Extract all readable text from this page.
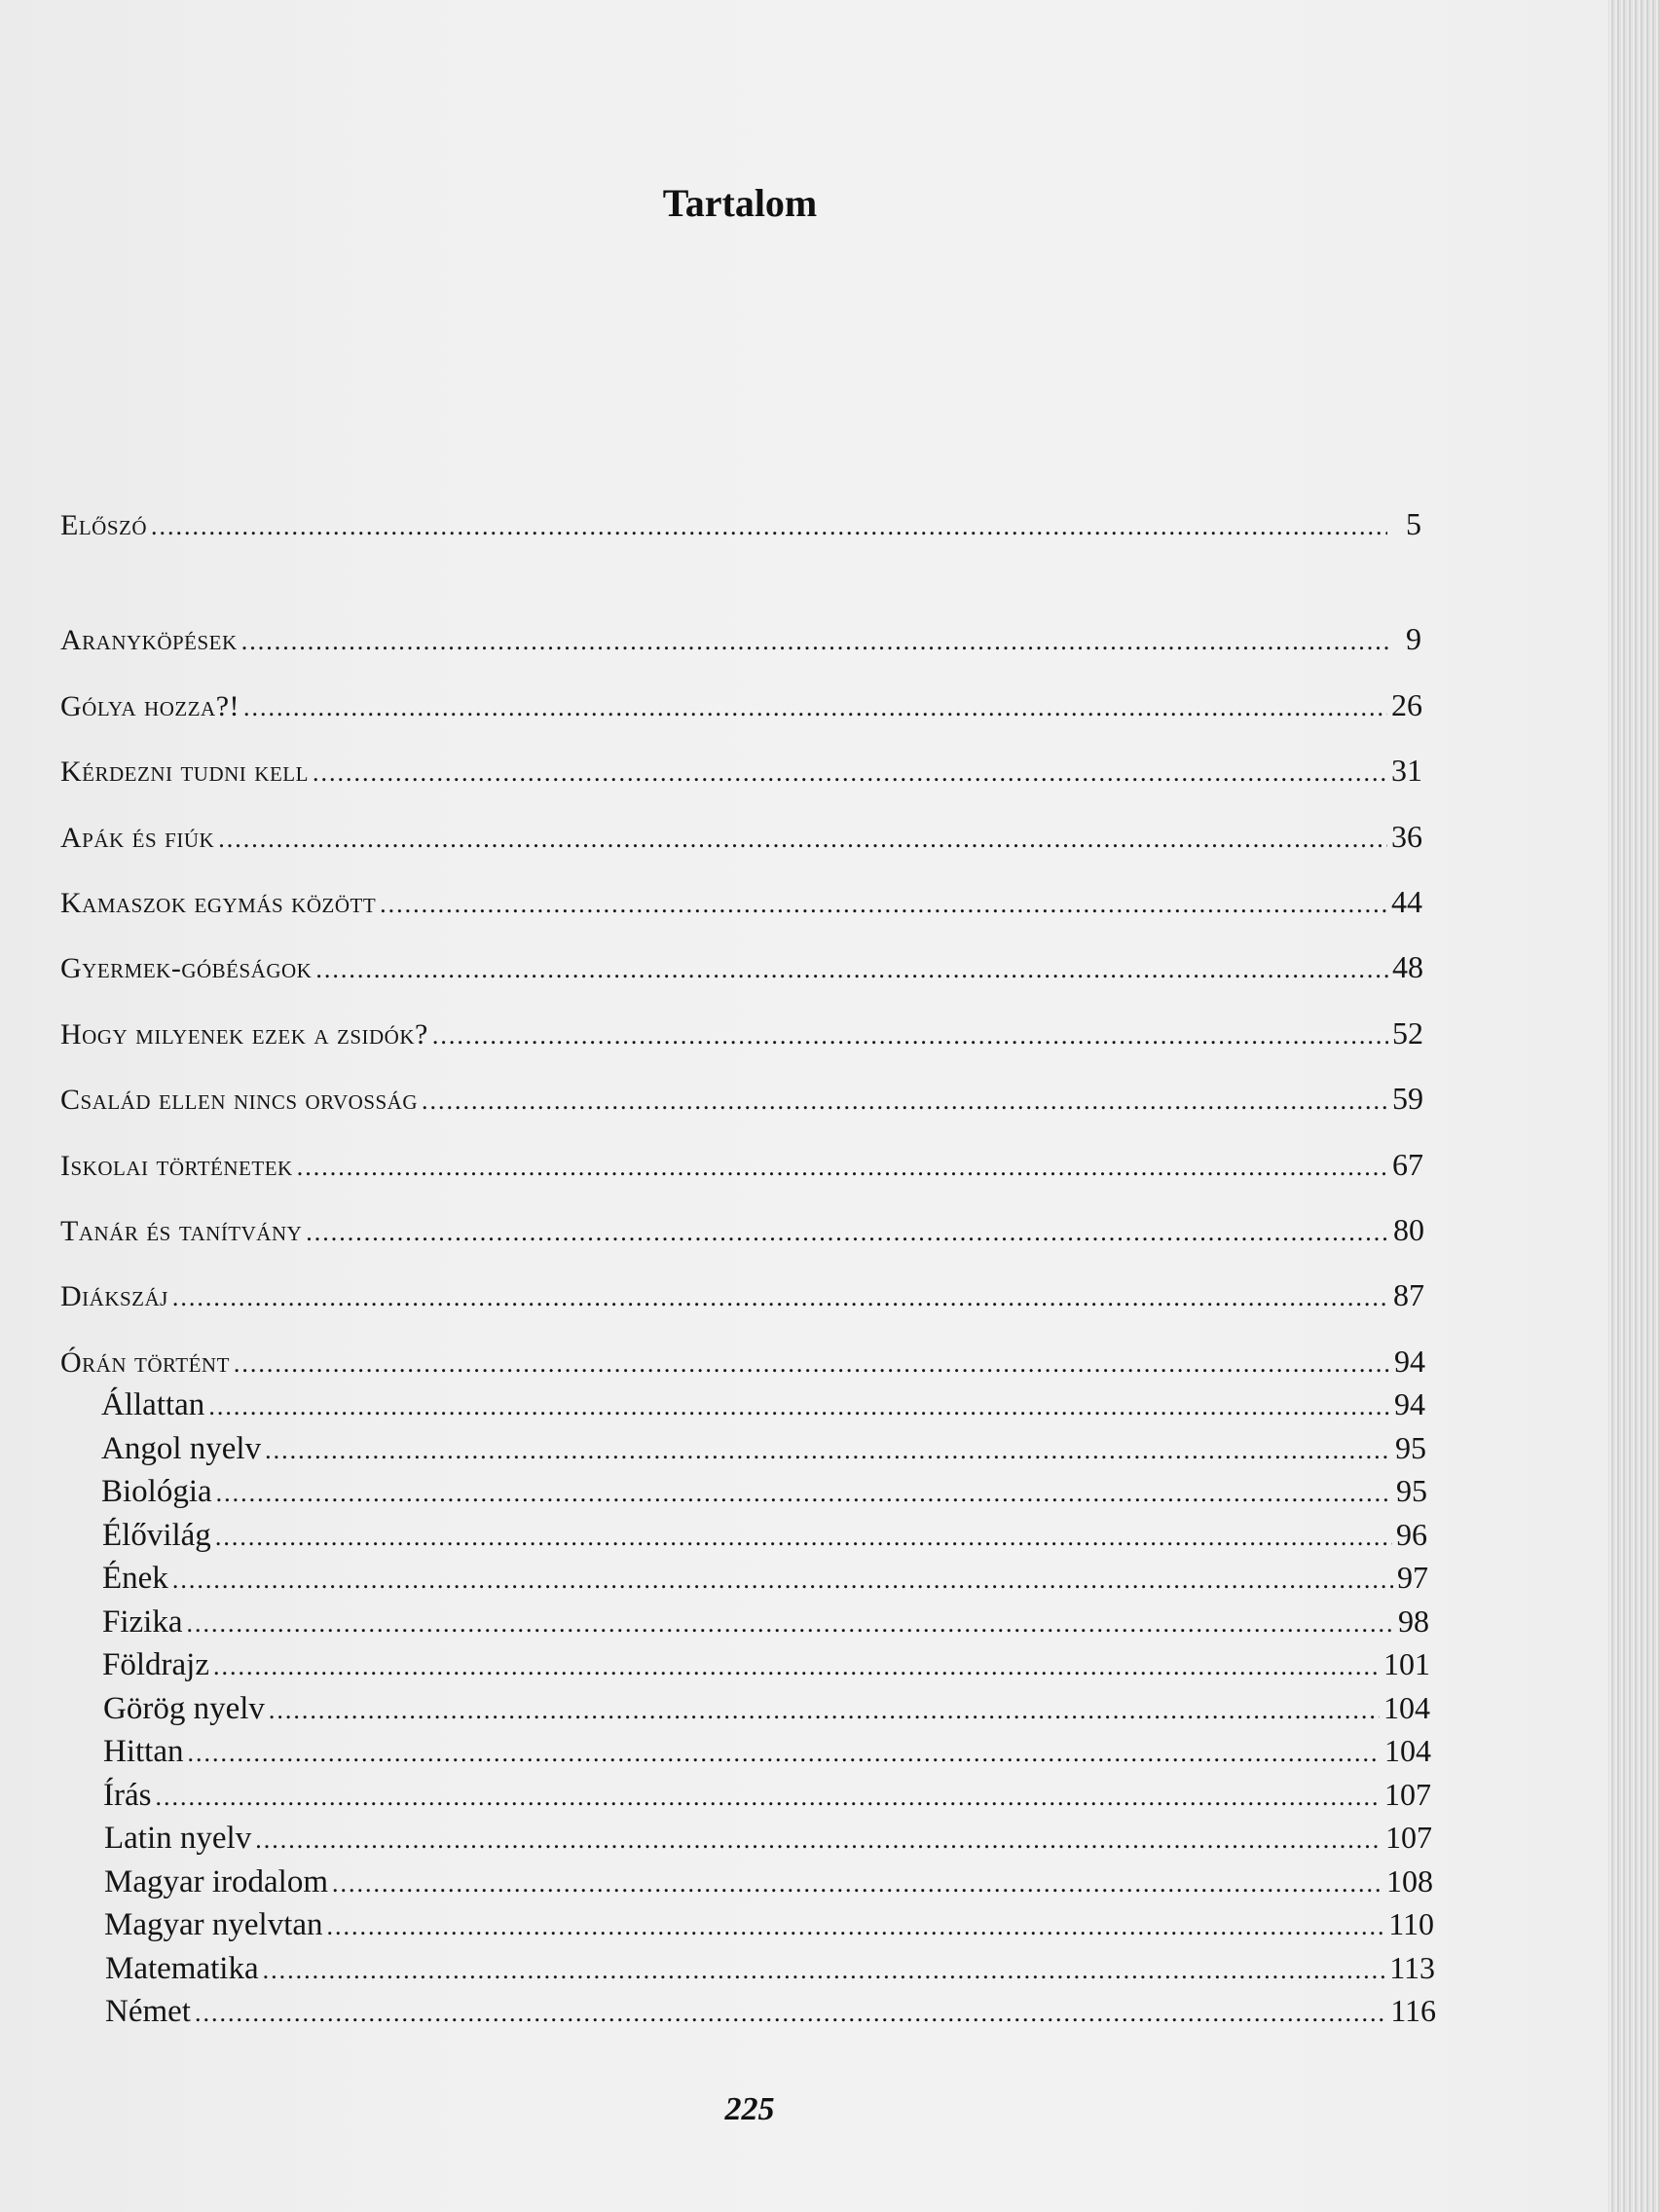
Tartalom
Előszó .....	5
Aranyköpések .....	9
Gólya hozza?! .....	26
Kérdezni tudni kell .....	31
Apák és fiúk .....	36
Kamaszok egymás között .....	44
Gyermek-góbéságok .....	48
Hogy milyenek ezek a zsidók? .....	52
Család ellen nincs orvosság .....	59
Iskolai történetek .....	67
Tanár és tanítvány .....	80
Diákszáj .....	87
Órán történt .....	94
Állattan .....	94
Angol nyelv .....	95
Biológia .....	95
Élővilág .....	96
Ének .....	97
Fizika .....	98
Földrajz .....	101
Görög nyelv .....	104
Hittan .....	104
Írás .....	107
Latin nyelv .....	107
Magyar irodalom .....	108
Magyar nyelvtan .....	110
Matematika .....	113
Német .....	116
225
